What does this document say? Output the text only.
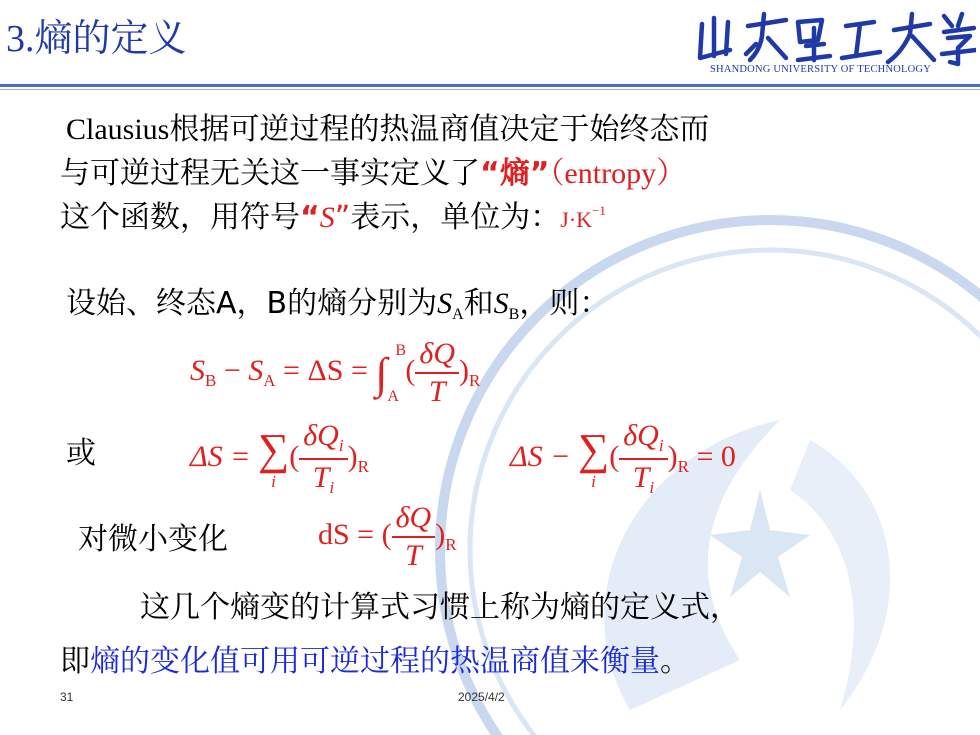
3.熵的定义
SHANDONG UNIVERSITY OF TECHNOLOGY
Clausius根据可逆过程的热温商值决定于始终态而
与可逆过程无关这一事实定义了“熵”（entropy）
这个函数，用符号“S”表示，单位为：$J\cdot K^{-1}$
设始、终态A，B的熵分别为$S_A$和$S_B$，则：
$S_B - S_A = \Delta S$ = ∫ B
A
( $\frac{\delta Q}{T} )_R$
或	ΔS = ∑
i
( $\frac{\delta Q_i}{T_i} )_R$	ΔS − ∑
i
( $\frac{\delta Q_i}{T_i} )_R = 0$
对微小变化	dS = ( $\frac{\delta Q}{T} )_R$
这几个熵变的计算式习惯上称为熵的定义式，
即熵的变化值可用可逆过程的热温商值来衡量。
31	2025/4/2
